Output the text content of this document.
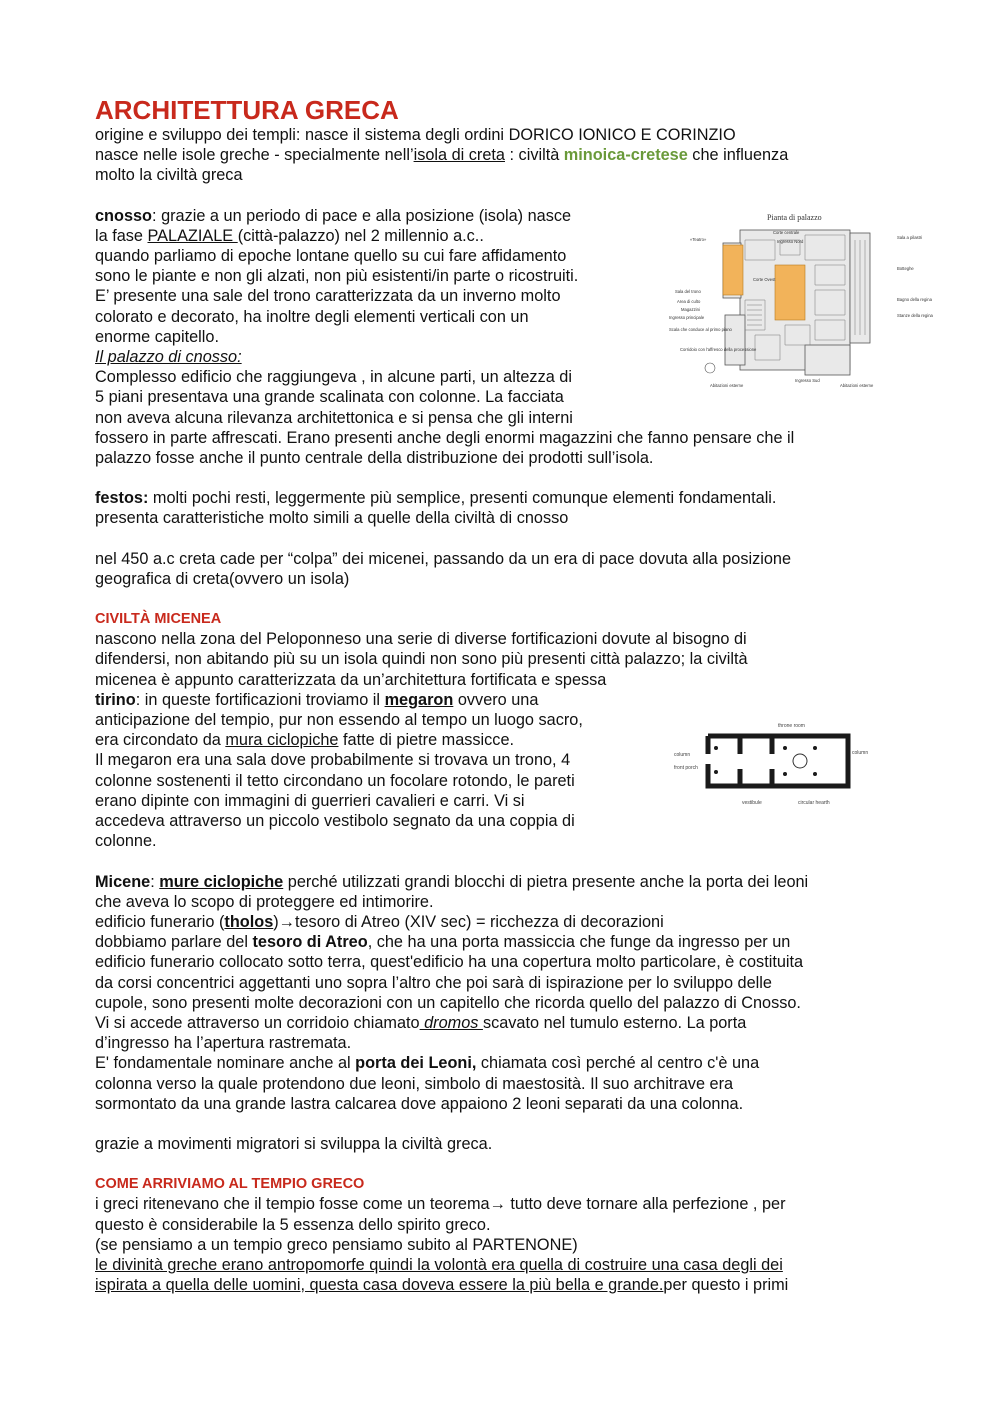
ARCHITETTURA GRECA
origine e sviluppo dei templi: nasce il sistema degli ordini DORICO IONICO E CORINZIO
nasce nelle isole greche - specialmente nell’isola di creta : civiltà minoica-cretese che influenza
molto la civiltà greca
cnosso: grazie a un periodo di pace e alla posizione (isola) nasce
la fase PALAZIALE (città-palazzo) nel 2 millennio a.c..
quando parliamo di epoche lontane quello su cui fare affidamento
sono le piante e non gli alzati, non più esistenti/in parte o ricostruiti.
E’ presente una sale del trono caratterizzata da un inverno molto
colorato e decorato, ha inoltre degli elementi verticali con un
enorme capitello.
Il palazzo di cnosso:
Complesso edificio che raggiungeva , in alcune parti, un altezza di
5 piani presentava una grande scalinata con colonne. La facciata
non aveva alcuna rilevanza architettonica e si pensa che gli interni
fossero in parte affrescati. Erano presenti anche degli enormi magazzini che fanno pensare che il
palazzo fosse anche il punto centrale della distribuzione dei prodotti sull’isola.
festos: molti pochi resti, leggermente più semplice, presenti comunque elementi fondamentali.
presenta caratteristiche molto simili a quelle della civiltà di cnosso
nel 450 a.c creta cade per “colpa” dei micenei, passando da un era di pace dovuta alla posizione
geografica di creta(ovvero un isola)
CIVILTÀ MICENEA
nascono nella zona del Peloponneso una serie di diverse fortificazioni dovute al bisogno di
difendersi, non abitando più su un isola quindi non sono più presenti città palazzo; la civiltà
micenea è appunto caratterizzata da un’architettura fortificata e spessa
tirino: in queste fortificazioni troviamo il megaron ovvero una
anticipazione del tempio, pur non essendo al tempo un luogo sacro,
era circondato da mura ciclopiche fatte di pietre massicce.
Il megaron era una sala dove probabilmente si trovava un trono, 4
colonne sostenenti il tetto circondano un focolare rotondo, le pareti
erano dipinte con immagini di guerrieri cavalieri e carri. Vi si
accedeva attraverso un piccolo vestibolo segnato da una coppia di
colonne.
Micene: mure ciclopiche perché utilizzati grandi blocchi di pietra presente anche la porta dei leoni
che aveva lo scopo di proteggere ed intimorire.
edificio funerario (tholos)→tesoro di Atreo (XIV sec) = ricchezza di decorazioni
dobbiamo parlare del tesoro di Atreo, che ha una porta massiccia che funge da ingresso per un
edificio funerario collocato sotto terra, quest'edificio ha una copertura molto particolare, è costituita
da corsi concentrici aggettanti uno sopra l’altro che poi sarà di ispirazione per lo sviluppo delle
cupole, sono presenti molte decorazioni con un capitello che ricorda quello del palazzo di Cnosso.
Vi si accede attraverso un corridoio chiamato dromos scavato nel tumulo esterno. La porta
d’ingresso ha l’apertura rastremata.
E' fondamentale nominare anche al porta dei Leoni, chiamata così perché al centro c'è una
colonna verso la quale protendono due leoni, simbolo di maestosità. Il suo architrave era
sormontato da una grande lastra calcarea dove appaiono 2 leoni separati da una colonna.
grazie a movimenti migratori si sviluppa la civiltà greca.
COME ARRIVIAMO AL TEMPIO GRECO
i greci ritenevano che il tempio fosse come un teorema→ tutto deve tornare alla perfezione , per
questo è considerabile la 5 essenza dello spirito greco.
(se pensiamo a un tempio greco pensiamo subito al PARTENONE)
le divinità greche erano antropomorfe quindi la volontà era quella di costruire una casa degli dei
ispirata a quella delle uomini, questa casa doveva essere la più bella e grande.per questo i primi
Pianta di palazzo
«Teatro»
Corte centrale
Ingresso Nord
Sala a pilastri
Botteghe
Corte Ovest
Sala del trono
Area di culto
Magazzini
Ingresso principale
Scala che conduce al primo piano
Corridoio con l'affresco della processione
Bagno della regina
Stanze della regina
Ingresso Sud
Abitazioni esterne	Abitazioni esterne
throne room
column	column
front porch
vestibule	circular hearth
